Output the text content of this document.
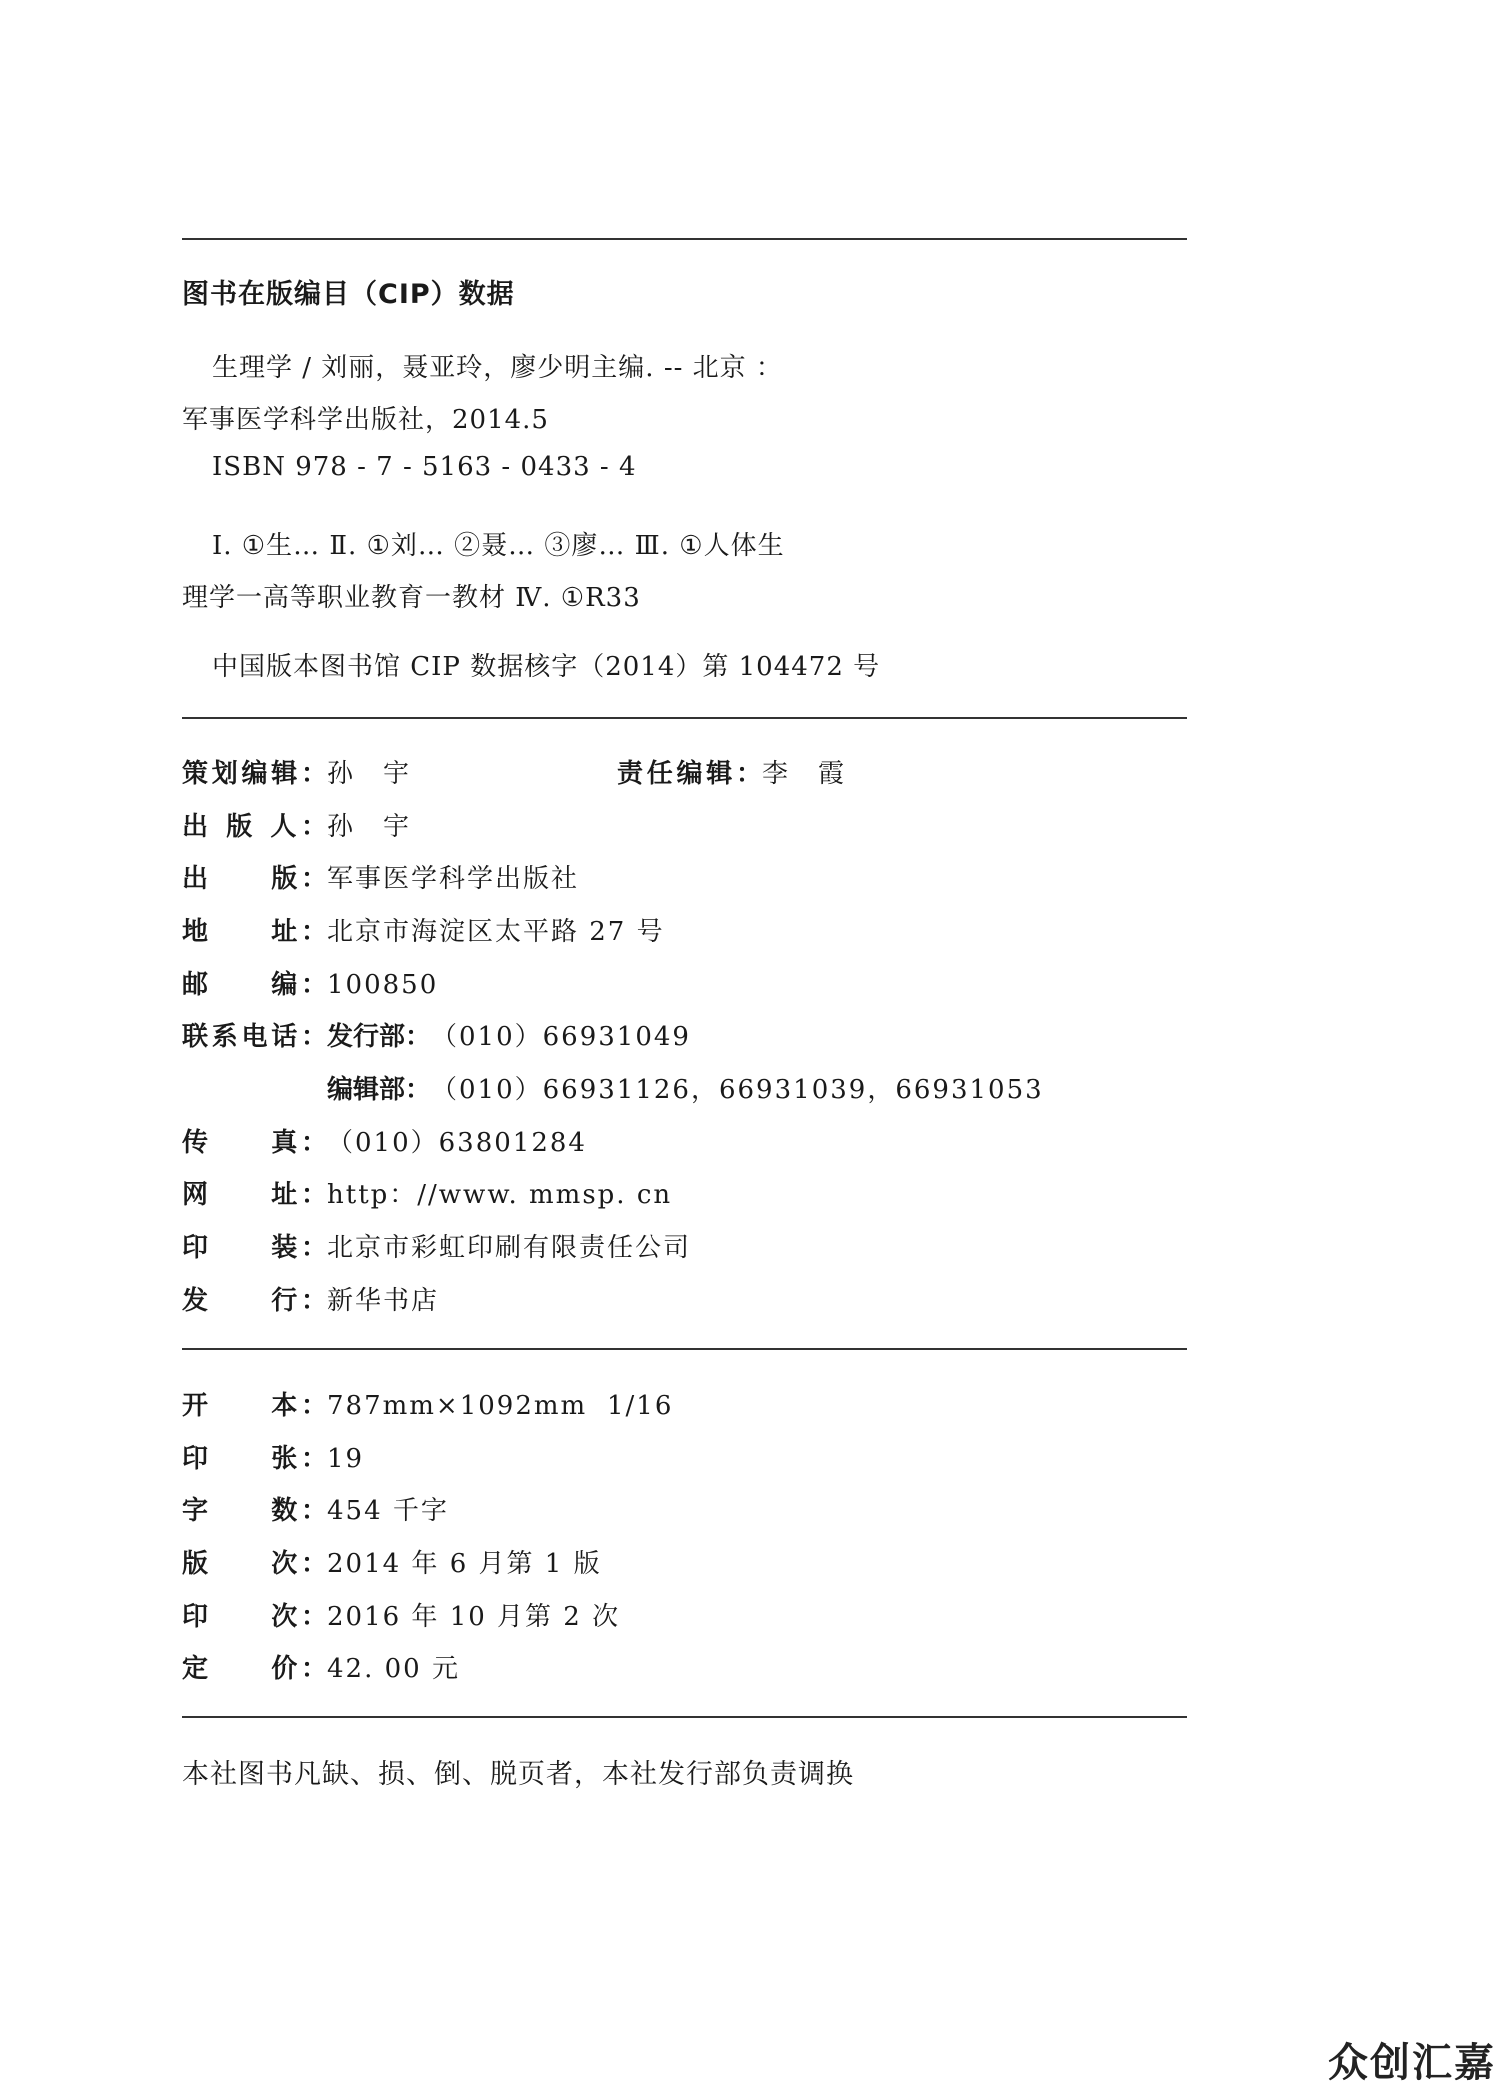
图书在版编目（CIP）数据
生理学 / 刘丽，聂亚玲，廖少明主编. -- 北京 ：
军事医学科学出版社，2014.5
ISBN 978 - 7 - 5163 - 0433 - 4
Ⅰ. ①生… Ⅱ. ①刘… ②聂… ③廖… Ⅲ. ①人体生
理学一高等职业教育一教材 Ⅳ. ①R33
中国版本图书馆 CIP 数据核字（2014）第 104472 号
策划编辑： 孙　宇	责任编辑： 李　霞
出 版 人： 孙　宇
出　　版： 军事医学科学出版社
地　　址： 北京市海淀区太平路 27 号
邮　　编： 100850
联系电话： 发行部： （010）66931049
编辑部： （010）66931126，66931039，66931053
传　　真： （010）63801284
网　　址： http：//www. mmsp. cn
印　　装： 北京市彩虹印刷有限责任公司
发　　行： 新华书店
开　　本： 787mm×1092mm 1/16
印　　张： 19
字　　数： 454 千字
版　　次： 2014 年 6 月第 1 版
印　　次： 2016 年 10 月第 2 次
定　　价： 42. 00 元
本社图书凡缺、损、倒、脱页者，本社发行部负责调换
众创汇嘉
